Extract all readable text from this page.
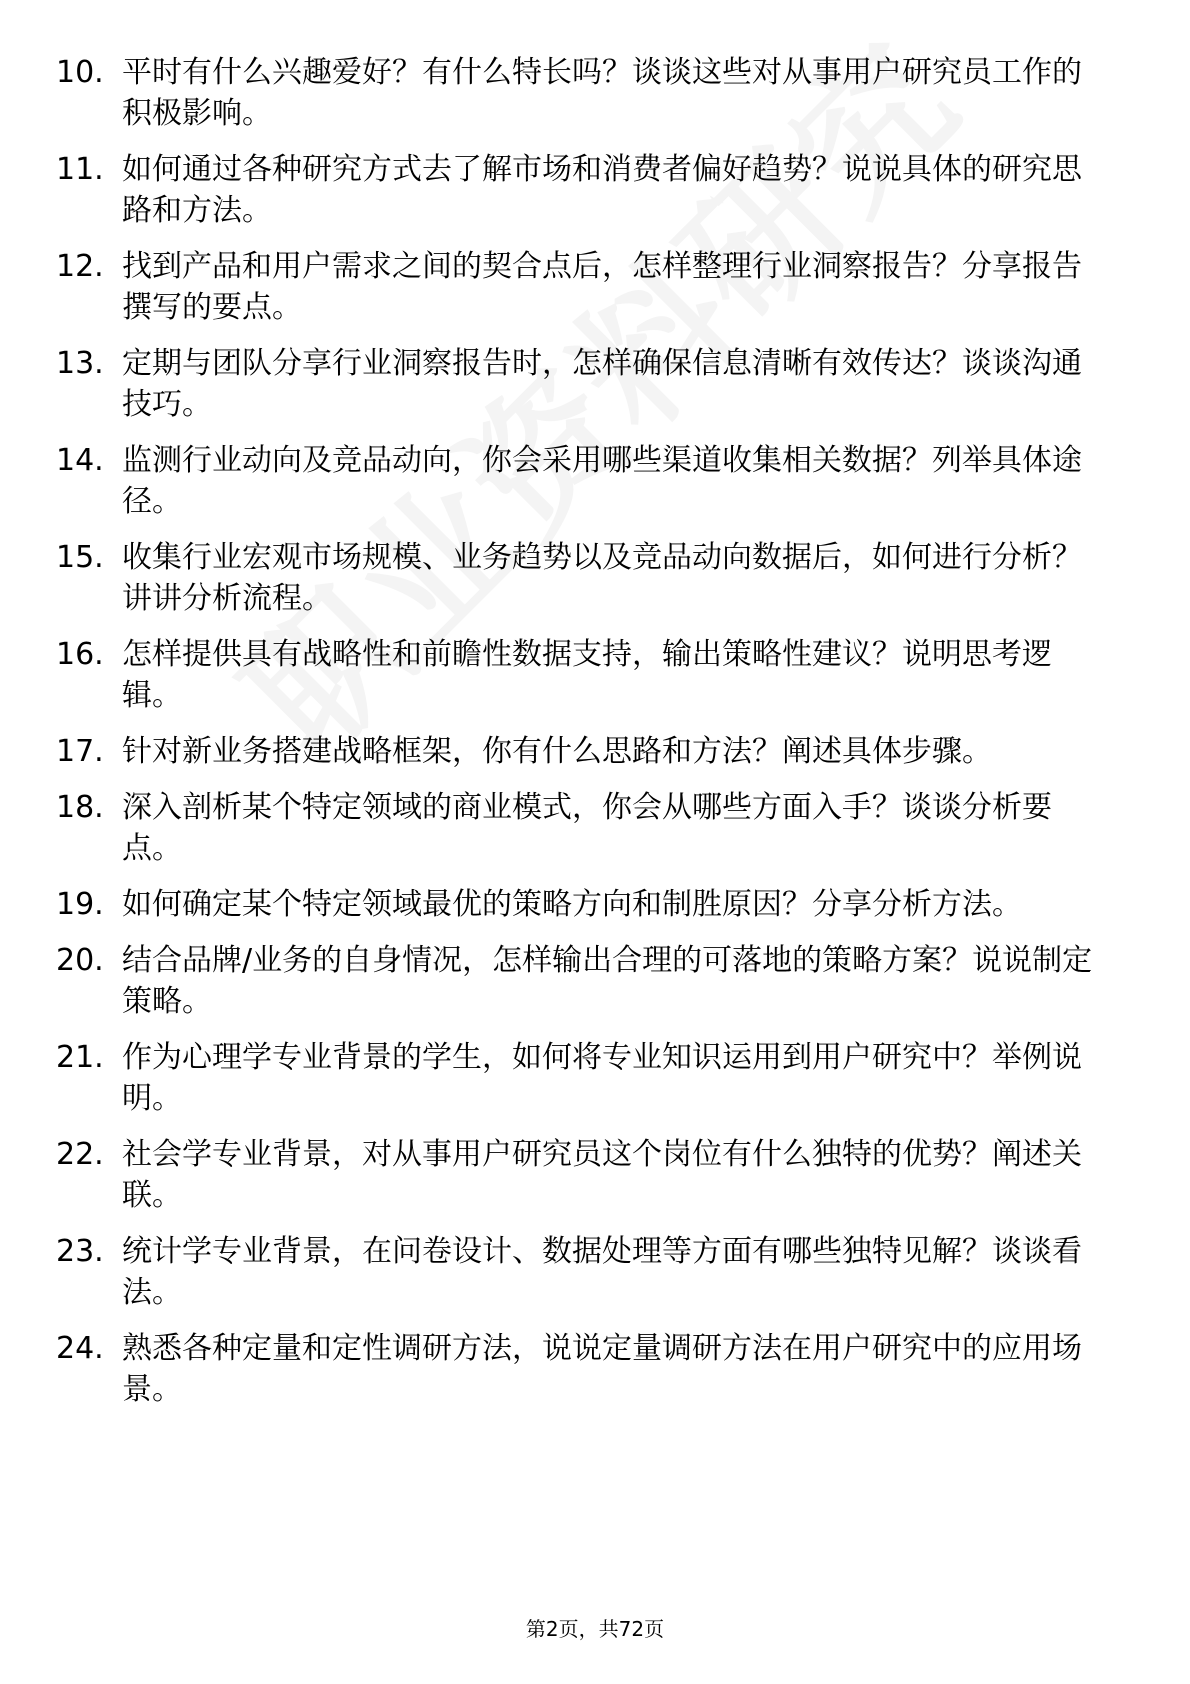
10. 平时有什么兴趣爱好？有什么特长吗？谈谈这些对从事用户研究员工作的积极影响。
11. 如何通过各种研究方式去了解市场和消费者偏好趋势？说说具体的研究思路和方法。
12. 找到产品和用户需求之间的契合点后，怎样整理行业洞察报告？分享报告撰写的要点。
13. 定期与团队分享行业洞察报告时，怎样确保信息清晰有效传达？谈谈沟通技巧。
14. 监测行业动向及竞品动向，你会采用哪些渠道收集相关数据？列举具体途径。
15. 收集行业宏观市场规模、业务趋势以及竞品动向数据后，如何进行分析？讲讲分析流程。
16. 怎样提供具有战略性和前瞻性数据支持，输出策略性建议？说明思考逻辑。
17. 针对新业务搭建战略框架，你有什么思路和方法？阐述具体步骤。
18. 深入剖析某个特定领域的商业模式，你会从哪些方面入手？谈谈分析要点。
19. 如何确定某个特定领域最优的策略方向和制胜原因？分享分析方法。
20. 结合品牌/业务的自身情况，怎样输出合理的可落地的策略方案？说说制定策略。
21. 作为心理学专业背景的学生，如何将专业知识运用到用户研究中？举例说明。
22. 社会学专业背景，对从事用户研究员这个岗位有什么独特的优势？阐述关联。
23. 统计学专业背景，在问卷设计、数据处理等方面有哪些独特见解？谈谈看法。
24. 熟悉各种定量和定性调研方法，说说定量调研方法在用户研究中的应用场景。
第2页，共72页
